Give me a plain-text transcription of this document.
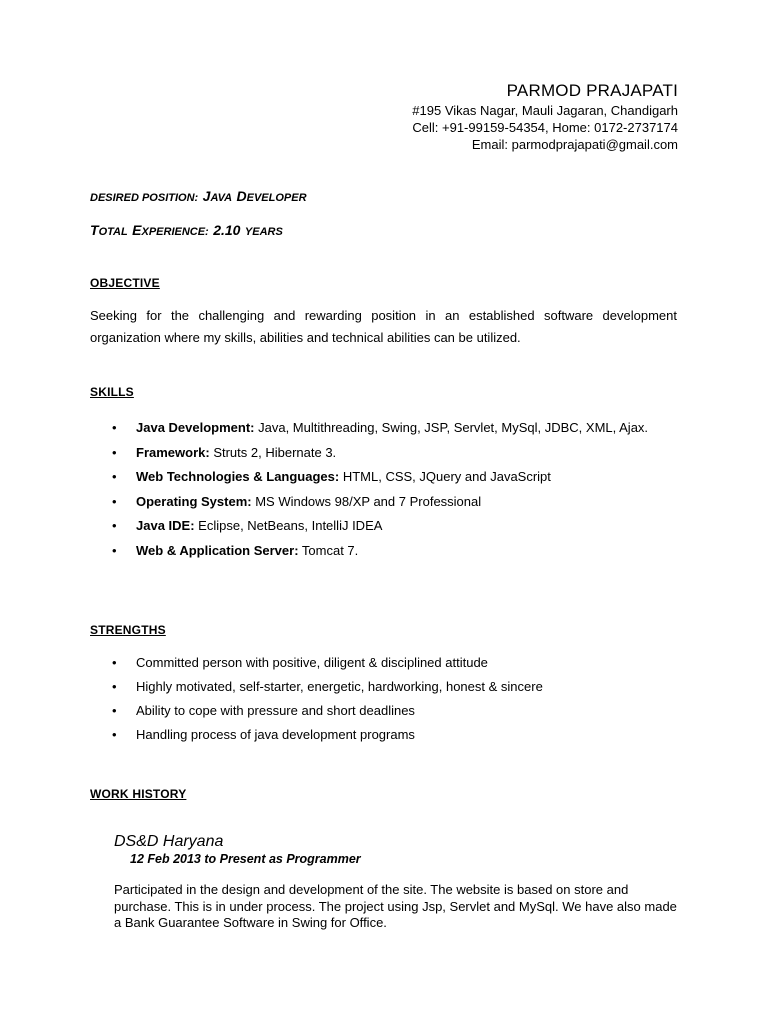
PARMOD PRAJAPATI
#195 Vikas Nagar, Mauli Jagaran, Chandigarh
Cell: +91-99159-54354, Home: 0172-2737174
Email: parmodprajapati@gmail.com
DESIRED POSITION: JAVA DEVELOPER
TOTAL EXPERIENCE: 2.10 YEARS
OBJECTIVE
Seeking for the challenging and rewarding position in an established software development organization where my skills, abilities and technical abilities can be utilized.
SKILLS
• Java Development: Java, Multithreading, Swing, JSP, Servlet, MySql, JDBC, XML, Ajax.
• Framework: Struts 2, Hibernate 3.
• Web Technologies & Languages: HTML, CSS, JQuery and JavaScript
• Operating System: MS Windows 98/XP and 7 Professional
• Java IDE: Eclipse, NetBeans, IntelliJ IDEA
• Web & Application Server: Tomcat 7.
STRENGTHS
• Committed person with positive, diligent & disciplined attitude
• Highly motivated, self-starter, energetic, hardworking, honest & sincere
• Ability to cope with pressure and short deadlines
• Handling process of java development programs
WORK HISTORY
DS&D Haryana
12 Feb 2013 to Present as Programmer
Participated in the design and development of the site. The website is based on store and purchase. This is in under process. The project using Jsp, Servlet and MySql. We have also made a Bank Guarantee Software in Swing for Office.
